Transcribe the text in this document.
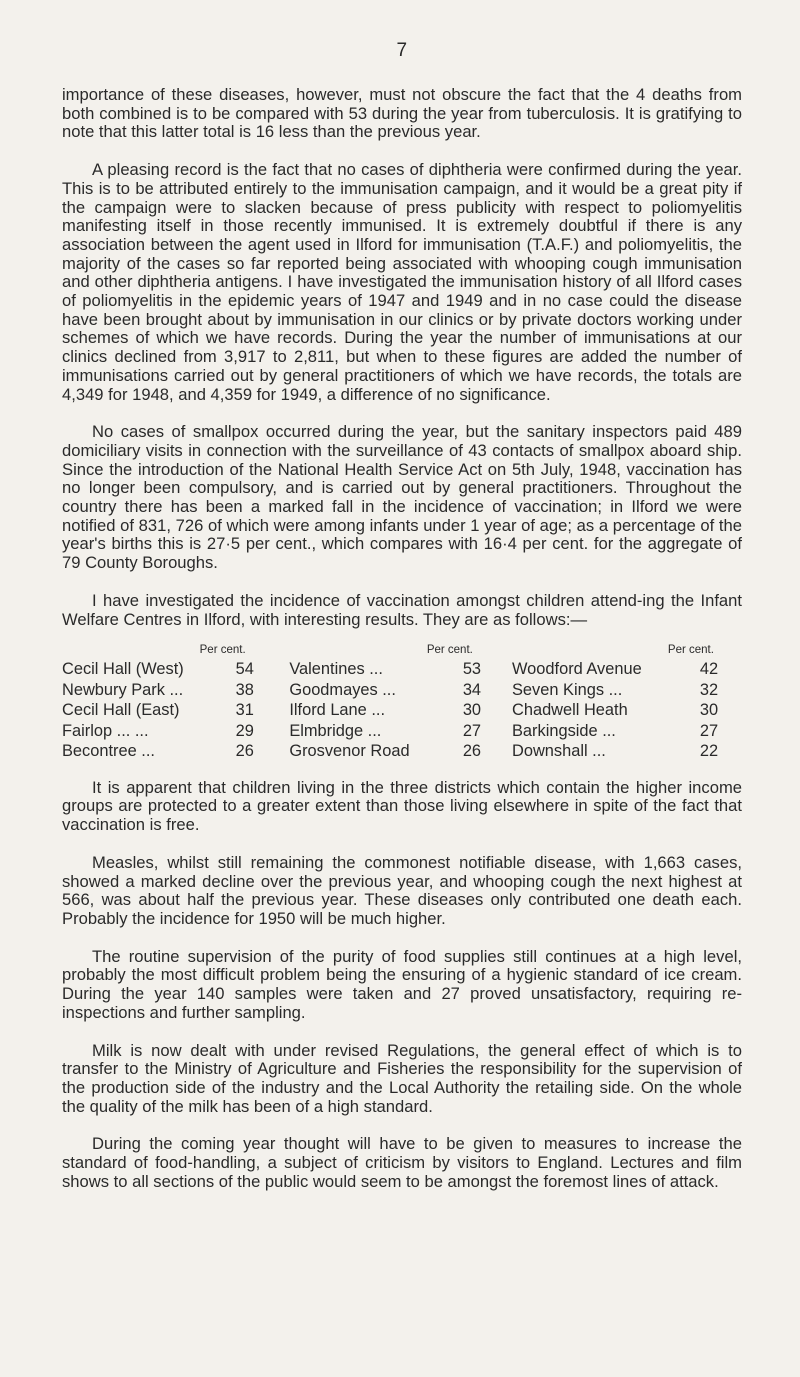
7

importance of these diseases, however, must not obscure the fact that the 4 deaths from both combined is to be compared with 53 during the year from tuberculosis. It is gratifying to note that this latter total is 16 less than the previous year.

A pleasing record is the fact that no cases of diphtheria were confirmed during the year. This is to be attributed entirely to the immunisation campaign, and it would be a great pity if the campaign were to slacken because of press publicity with respect to poliomyelitis manifesting itself in those recently immunised. It is extremely doubtful if there is any association between the agent used in Ilford for immunisation (T.A.F.) and poliomyelitis, the majority of the cases so far reported being associated with whooping cough immunisation and other diphtheria antigens. I have investigated the immunisation history of all Ilford cases of poliomyelitis in the epidemic years of 1947 and 1949 and in no case could the disease have been brought about by immunisation in our clinics or by private doctors working under schemes of which we have records. During the year the number of immunisations at our clinics declined from 3,917 to 2,811, but when to these figures are added the number of immunisations carried out by general practitioners of which we have records, the totals are 4,349 for 1948, and 4,359 for 1949, a difference of no significance.

No cases of smallpox occurred during the year, but the sanitary inspectors paid 489 domiciliary visits in connection with the surveillance of 43 contacts of smallpox aboard ship. Since the introduction of the National Health Service Act on 5th July, 1948, vaccination has no longer been compulsory, and is carried out by general practitioners. Throughout the country there has been a marked fall in the incidence of vaccination; in Ilford we were notified of 831, 726 of which were among infants under 1 year of age; as a percentage of the year's births this is 27·5 per cent., which compares with 16·4 per cent. for the aggregate of 79 County Boroughs.

I have investigated the incidence of vaccination amongst children attend-ing the Infant Welfare Centres in Ilford, with interesting results. They are as follows:—

	Per cent.		Per cent.		Per cent.
Cecil Hall (West)	54	Valentines ...	53	Woodford Avenue	42
Newbury Park ...	38	Goodmayes ...	34	Seven Kings ...	32
Cecil Hall (East)	31	Ilford Lane ...	30	Chadwell Heath	30
Fairlop ... ...	29	Elmbridge ...	27	Barkingside ...	27
Becontree ...	26	Grosvenor Road	26	Downshall ...	22

It is apparent that children living in the three districts which contain the higher income groups are protected to a greater extent than those living elsewhere in spite of the fact that vaccination is free.

Measles, whilst still remaining the commonest notifiable disease, with 1,663 cases, showed a marked decline over the previous year, and whooping cough the next highest at 566, was about half the previous year. These diseases only contributed one death each. Probably the incidence for 1950 will be much higher.

The routine supervision of the purity of food supplies still continues at a high level, probably the most difficult problem being the ensuring of a hygienic standard of ice cream. During the year 140 samples were taken and 27 proved unsatisfactory, requiring re-inspections and further sampling.

Milk is now dealt with under revised Regulations, the general effect of which is to transfer to the Ministry of Agriculture and Fisheries the responsibility for the supervision of the production side of the industry and the Local Authority the retailing side. On the whole the quality of the milk has been of a high standard.

During the coming year thought will have to be given to measures to increase the standard of food-handling, a subject of criticism by visitors to England. Lectures and film shows to all sections of the public would seem to be amongst the foremost lines of attack.
